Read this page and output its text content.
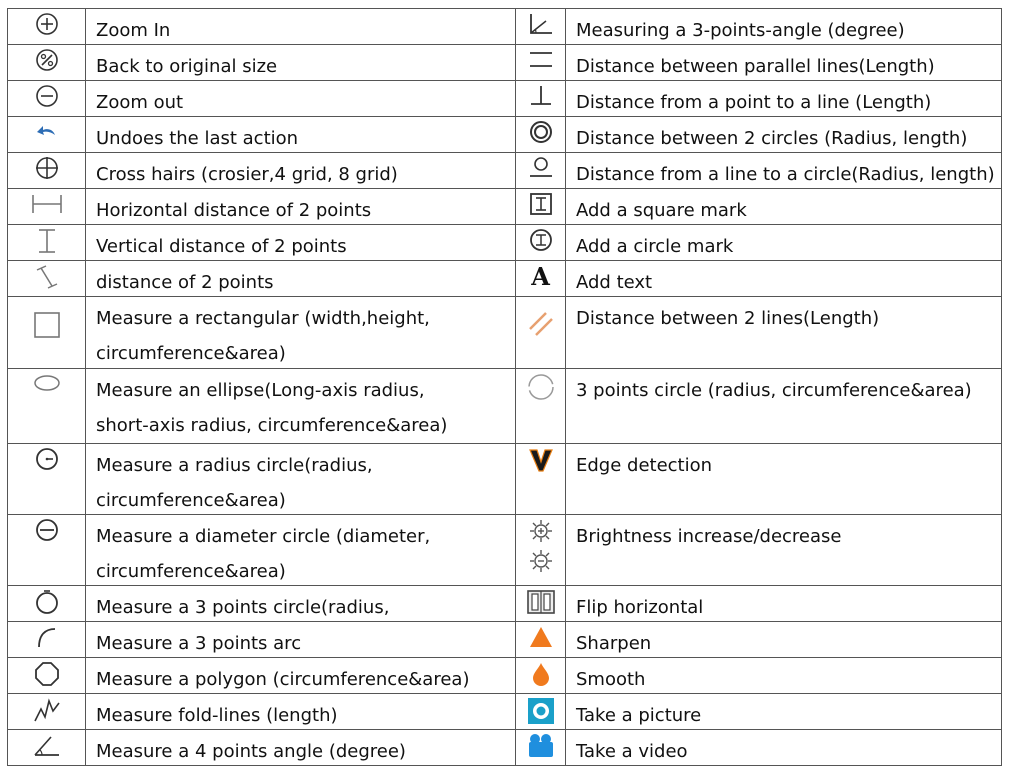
Zoom In		Measuring a 3-points-angle (degree)

Back to original size		Distance between parallel lines(Length)

Zoom out		Distance from a point to a line (Length)

Undoes the last action		Distance between 2 circles (Radius, length)

Cross hairs (crosier,4 grid, 8 grid)		Distance from a line to a circle(Radius, length)

Horizontal distance of 2 points		Add a square mark

Vertical distance of 2 points		Add a circle mark

distance of 2 points	A	Add text

Measure a rectangular (width,height,
circumference&area)		Distance between 2 lines(Length)

Measure an ellipse(Long-axis radius,
short-axis radius, circumference&area)		3 points circle (radius, circumference&area)

Measure a radius circle(radius,
circumference&area)		Edge detection

Measure a diameter circle (diameter,
circumference&area)		Brightness increase/decrease

Measure a 3 points circle(radius,		Flip horizontal

Measure a 3 points arc		Sharpen

Measure a polygon (circumference&area)		Smooth

Measure fold-lines (length)		Take a picture

Measure a 4 points angle (degree)		Take a video
